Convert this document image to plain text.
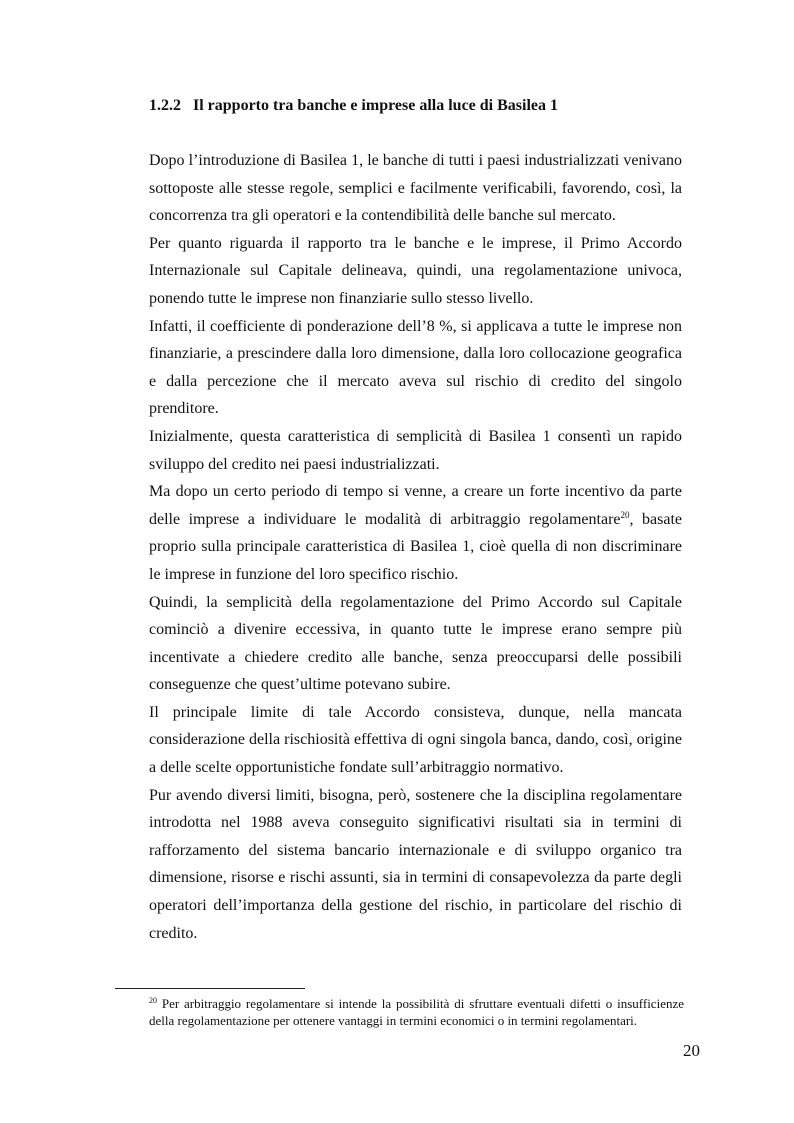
1.2.2 Il rapporto tra banche e imprese alla luce di Basilea 1

Dopo l’introduzione di Basilea 1, le banche di tutti i paesi industrializzati venivano sottoposte alle stesse regole, semplici e facilmente verificabili, favorendo, così, la concorrenza tra gli operatori e la contendibilità delle banche sul mercato.

Per quanto riguarda il rapporto tra le banche e le imprese, il Primo Accordo Internazionale sul Capitale delineava, quindi, una regolamentazione univoca, ponendo tutte le imprese non finanziarie sullo stesso livello.

Infatti, il coefficiente di ponderazione dell’8 %, si applicava a tutte le imprese non finanziarie, a prescindere dalla loro dimensione, dalla loro collocazione geografica e dalla percezione che il mercato aveva sul rischio di credito del singolo prenditore.

Inizialmente, questa caratteristica di semplicità di Basilea 1 consentì un rapido sviluppo del credito nei paesi industrializzati.

Ma dopo un certo periodo di tempo si venne, a creare un forte incentivo da parte delle imprese a individuare le modalità di arbitraggio regolamentare$^{20}$, basate proprio sulla principale caratteristica di Basilea 1, cioè quella di non discriminare le imprese in funzione del loro specifico rischio.

Quindi, la semplicità della regolamentazione del Primo Accordo sul Capitale cominciò a divenire eccessiva, in quanto tutte le imprese erano sempre più incentivate a chiedere credito alle banche, senza preoccuparsi delle possibili conseguenze che quest’ultime potevano subire.

Il principale limite di tale Accordo consisteva, dunque, nella mancata considerazione della rischiosità effettiva di ogni singola banca, dando, così, origine a delle scelte opportunistiche fondate sull’arbitraggio normativo.

Pur avendo diversi limiti, bisogna, però, sostenere che la disciplina regolamentare introdotta nel 1988 aveva conseguito significativi risultati sia in termini di rafforzamento del sistema bancario internazionale e di sviluppo organico tra dimensione, risorse e rischi assunti, sia in termini di consapevolezza da parte degli operatori dell’importanza della gestione del rischio, in particolare del rischio di credito.

$^{20}$ Per arbitraggio regolamentare si intende la possibilità di sfruttare eventuali difetti o insufficienze della regolamentazione per ottenere vantaggi in termini economici o in termini regolamentari.
20
